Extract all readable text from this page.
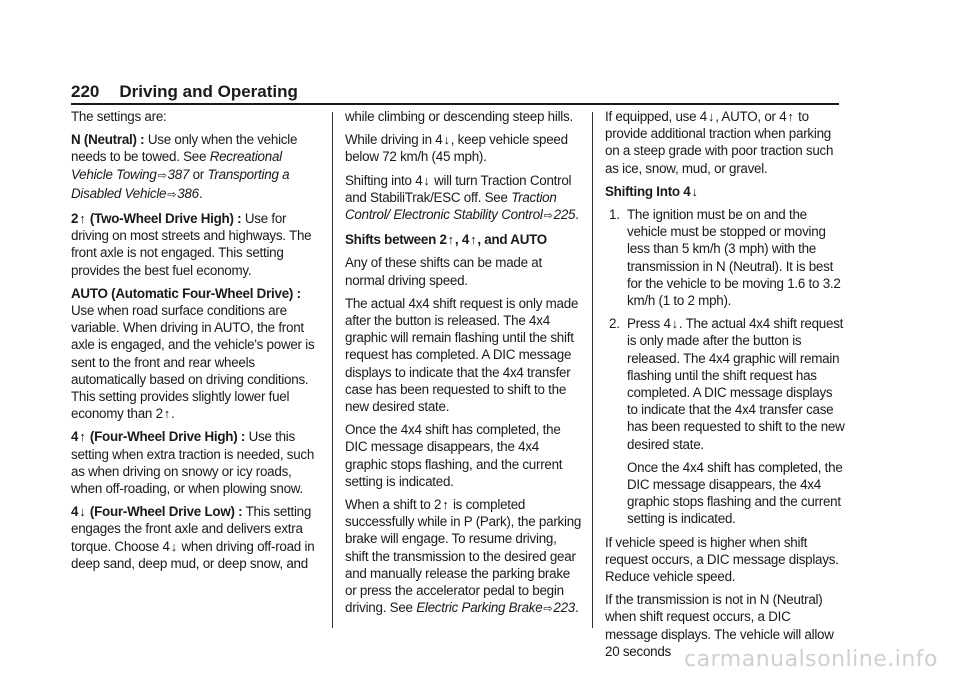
220 Driving and Operating

The settings are:

N (Neutral) : Use only when the vehicle needs to be towed. See Recreational Vehicle Towing⇨387 or Transporting a Disabled Vehicle⇨386.

2↑ (Two-Wheel Drive High) : Use for driving on most streets and highways. The front axle is not engaged. This setting provides the best fuel economy.

AUTO (Automatic Four-Wheel Drive) : Use when road surface conditions are variable. When driving in AUTO, the front axle is engaged, and the vehicle's power is sent to the front and rear wheels automatically based on driving conditions. This setting provides slightly lower fuel economy than 2↑.

4↑ (Four-Wheel Drive High) : Use this setting when extra traction is needed, such as when driving on snowy or icy roads, when off-roading, or when plowing snow.

4↓ (Four-Wheel Drive Low) : This setting engages the front axle and delivers extra torque. Choose 4↓ when driving off-road in deep sand, deep mud, or deep snow, and

while climbing or descending steep hills.

While driving in 4↓, keep vehicle speed below 72 km/h (45 mph).

Shifting into 4↓ will turn Traction Control and StabiliTrak/ESC off. See Traction Control/ Electronic Stability Control⇨225.

Shifts between 2↑, 4↑, and AUTO

Any of these shifts can be made at normal driving speed.

The actual 4x4 shift request is only made after the button is released. The 4x4 graphic will remain flashing until the shift request has completed. A DIC message displays to indicate that the 4x4 transfer case has been requested to shift to the new desired state.

Once the 4x4 shift has completed, the DIC message disappears, the 4x4 graphic stops flashing, and the current setting is indicated.

When a shift to 2↑ is completed successfully while in P (Park), the parking brake will engage. To resume driving, shift the transmission to the desired gear and manually release the parking brake or press the accelerator pedal to begin driving. See Electric Parking Brake⇨223.

If equipped, use 4↓, AUTO, or 4↑ to provide additional traction when parking on a steep grade with poor traction such as ice, snow, mud, or gravel.

Shifting Into 4↓

1. The ignition must be on and the vehicle must be stopped or moving less than 5 km/h (3 mph) with the transmission in N (Neutral). It is best for the vehicle to be moving 1.6 to 3.2 km/h (1 to 2 mph).
2. Press 4↓. The actual 4x4 shift request is only made after the button is released. The 4x4 graphic will remain flashing until the shift request has completed. A DIC message displays to indicate that the 4x4 transfer case has been requested to shift to the new desired state.
Once the 4x4 shift has completed, the DIC message disappears, the 4x4 graphic stops flashing and the current setting is indicated.

If vehicle speed is higher when shift request occurs, a DIC message displays. Reduce vehicle speed.

If the transmission is not in N (Neutral) when shift request occurs, a DIC message displays. The vehicle will allow 20 seconds carmanualsonline.info
